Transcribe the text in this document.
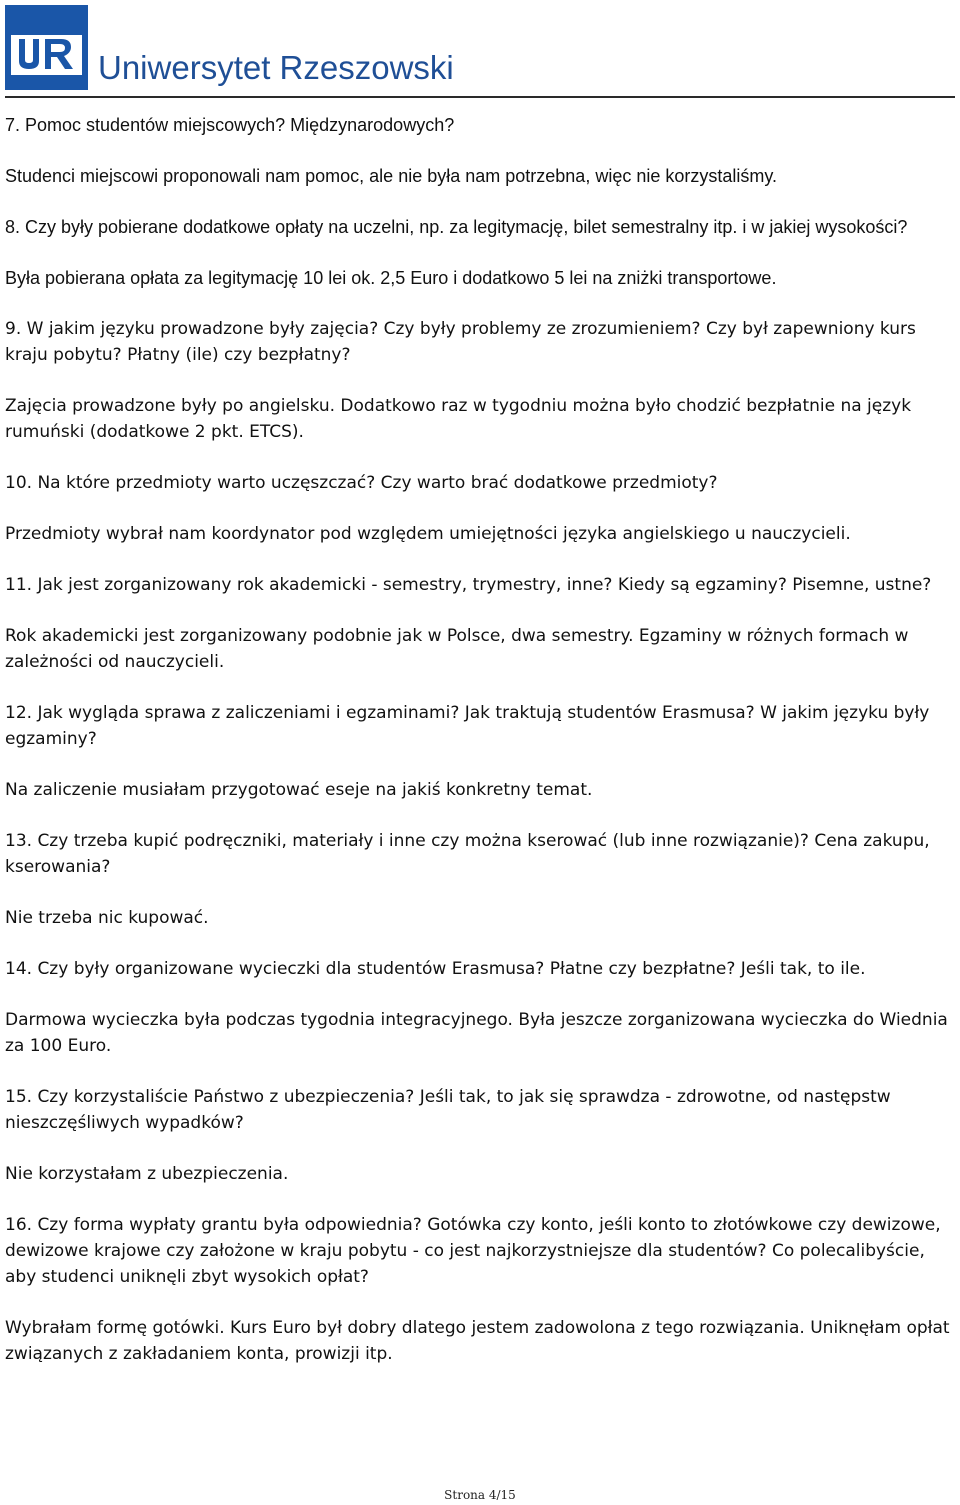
Uniwersytet Rzeszowski

7. Pomoc studentów miejscowych? Międzynarodowych?

Studenci miejscowi proponowali nam pomoc, ale nie była nam potrzebna, więc nie korzystaliśmy.

8. Czy były pobierane dodatkowe opłaty na uczelni, np. za legitymację, bilet semestralny itp. i w jakiej wysokości?

Była pobierana opłata za legitymację 10 lei ok. 2,5 Euro i dodatkowo 5 lei na zniżki transportowe.

9. W jakim języku prowadzone były zajęcia? Czy były problemy ze zrozumieniem? Czy był zapewniony kurs kraju pobytu? Płatny (ile) czy bezpłatny?

Zajęcia prowadzone były po angielsku. Dodatkowo raz w tygodniu można było chodzić bezpłatnie na język rumuński (dodatkowe 2 pkt. ETCS).

10. Na które przedmioty warto uczęszczać? Czy warto brać dodatkowe przedmioty?

Przedmioty wybrał nam koordynator pod względem umiejętności języka angielskiego u nauczycieli.

11. Jak jest zorganizowany rok akademicki - semestry, trymestry, inne? Kiedy są egzaminy? Pisemne, ustne?

Rok akademicki jest zorganizowany podobnie jak w Polsce, dwa semestry. Egzaminy w różnych formach w zależności od nauczycieli.

12. Jak wygląda sprawa z zaliczeniami i egzaminami? Jak traktują studentów Erasmusa? W jakim języku były egzaminy?

Na zaliczenie musiałam przygotować eseje na jakiś konkretny temat.

13. Czy trzeba kupić podręczniki, materiały i inne czy można kserować (lub inne rozwiązanie)? Cena zakupu, kserowania?

Nie trzeba nic kupować.

14. Czy były organizowane wycieczki dla studentów Erasmusa? Płatne czy bezpłatne? Jeśli tak, to ile.

Darmowa wycieczka była podczas tygodnia integracyjnego. Była jeszcze zorganizowana wycieczka do Wiednia za 100 Euro.

15. Czy korzystaliście Państwo z ubezpieczenia? Jeśli tak, to jak się sprawdza - zdrowotne, od następstw nieszczęśliwych wypadków?

Nie korzystałam z ubezpieczenia.

16. Czy forma wypłaty grantu była odpowiednia? Gotówka czy konto, jeśli konto to złotówkowe czy dewizowe, dewizowe krajowe czy założone w kraju pobytu - co jest najkorzystniejsze dla studentów? Co polecalibyście, aby studenci uniknęli zbyt wysokich opłat?

Wybrałam formę gotówki. Kurs Euro był dobry dlatego jestem zadowolona z tego rozwiązania. Uniknęłam opłat związanych z zakładaniem konta, prowizji itp.

Strona 4/15
